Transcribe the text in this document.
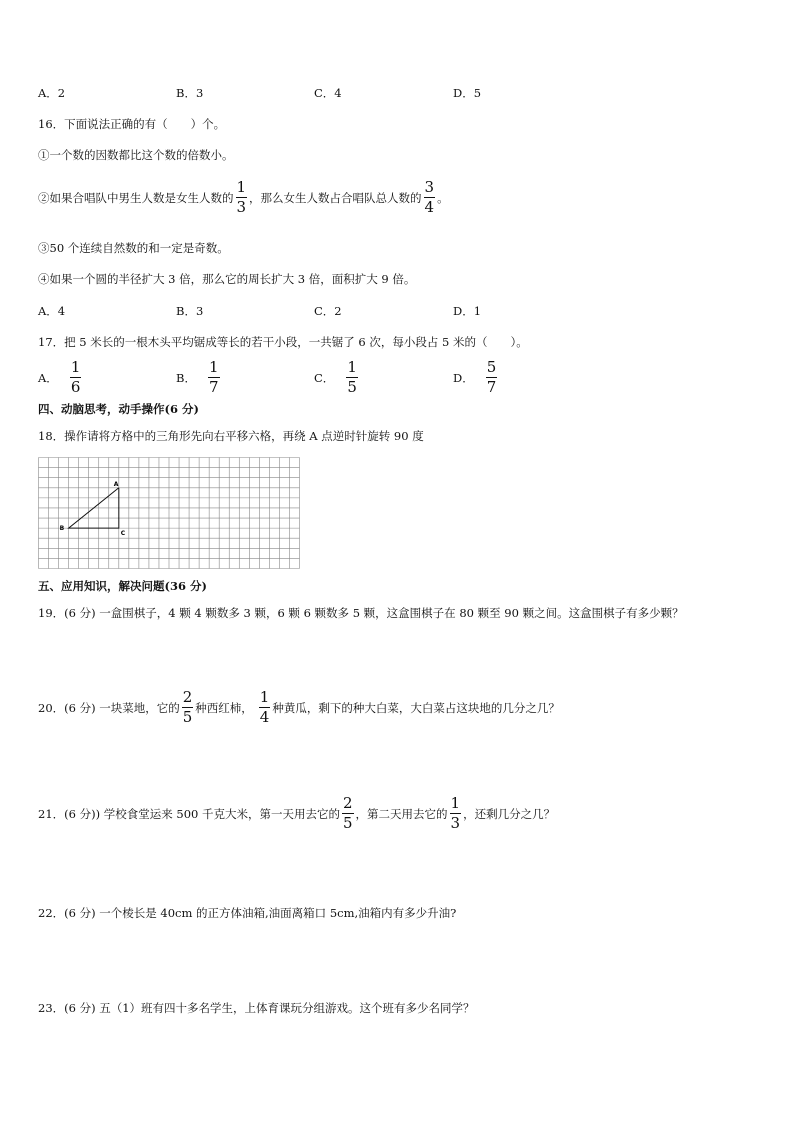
A．2	B．3	C．4	D．5
16．下面说法正确的有（　　）个。
①一个数的因数都比这个数的倍数小。
②如果合唱队中男生人数是女生人数的 $\frac{1}{3}$ ，那么女生人数占合唱队总人数的 $\frac{3}{4}$ 。
③50 个连续自然数的和一定是奇数。
④如果一个圆的半径扩大 3 倍，那么它的周长扩大 3 倍，面积扩大 9 倍。
A．4	B．3	C．2	D．1
17．把 5 米长的一根木头平均锯成等长的若干小段，一共锯了 6 次，每小段占 5 米的（　　）。
A． $\frac{1}{6}$	B． $\frac{1}{7}$	C． $\frac{1}{5}$	D． $\frac{5}{7}$
四、动脑思考，动手操作(6 分)
18．操作请将方格中的三角形先向右平移六格，再绕 A 点逆时针旋转 90 度
A
B
C
五、应用知识，解决问题(36 分)
19．(6 分) 一盒围棋子，4 颗 4 颗数多 3 颗，6 颗 6 颗数多 5 颗，这盒围棋子在 80 颗至 90 颗之间。这盒围棋子有多少颗？
20．(6 分) 一块菜地，它的 $\frac{2}{5}$ 种西红柿， $\frac{1}{4}$ 种黄瓜，剩下的种大白菜，大白菜占这块地的几分之几？
21．(6 分)) 学校食堂运来 500 千克大米，第一天用去它的 $\frac{2}{5}$ ，第二天用去它的 $\frac{1}{3}$ ，还剩几分之几？
22．(6 分) 一个棱长是 40cm 的正方体油箱,油面离箱口 5cm,油箱内有多少升油?
23．(6 分) 五（1）班有四十多名学生，上体育课玩分组游戏。这个班有多少名同学？
